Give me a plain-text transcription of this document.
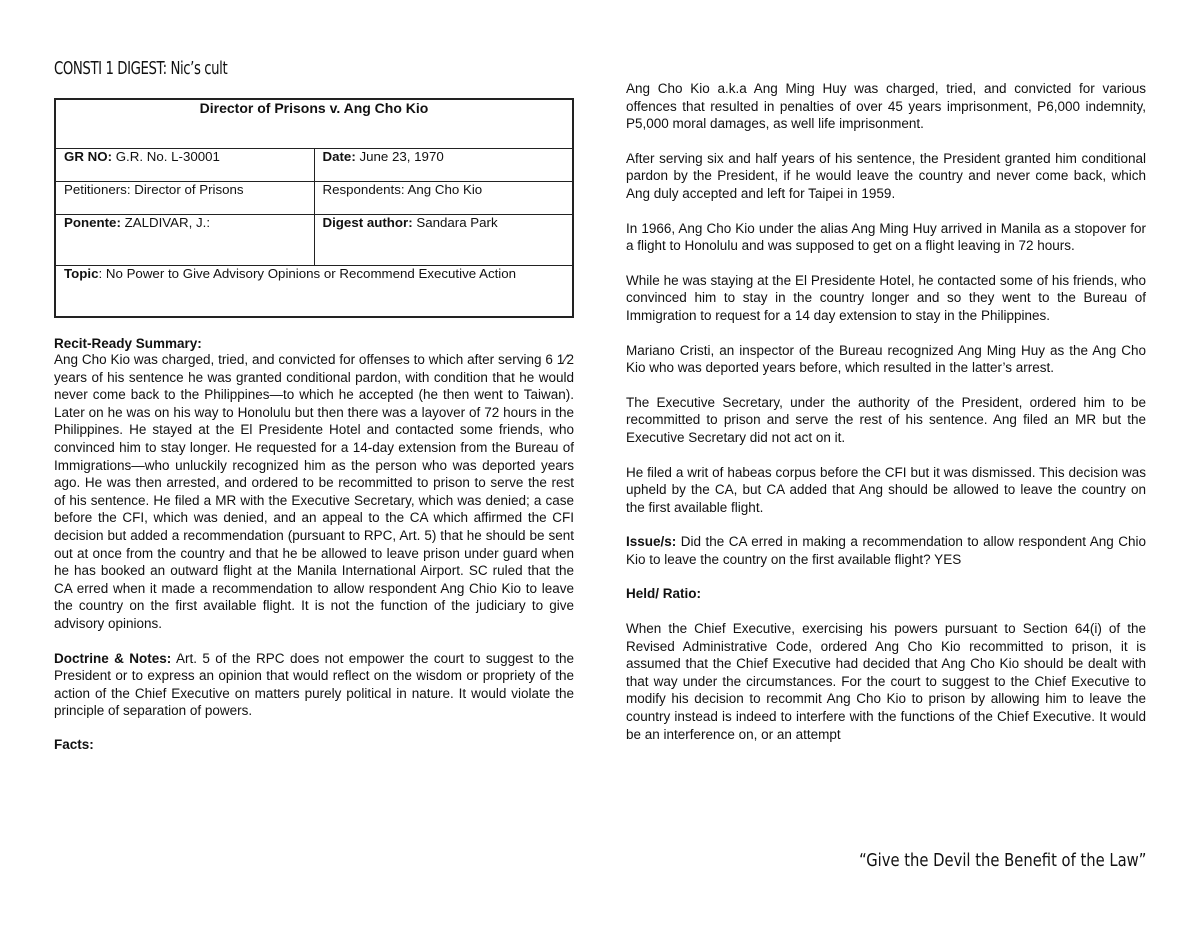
CONSTI 1 DIGEST: Nic’s cult
Director of Prisons v. Ang Cho Kio	
GR NO: G.R. No. L-30001	Date: June 23, 1970
Petitioners: Director of Prisons	Respondents: Ang Cho Kio
Ponente: ZALDIVAR, J.:	Digest author: Sandara Park
Topic: No Power to Give Advisory Opinions or Recommend Executive Action	

Recit-Ready Summary:

Ang Cho Kio was charged, tried, and convicted for offenses to which after serving 6 1⁄2 years of his sentence he was granted conditional pardon, with condition that he would never come back to the Philippines—to which he accepted (he then went to Taiwan). Later on he was on his way to Honolulu but then there was a layover of 72 hours in the Philippines. He stayed at the El Presidente Hotel and contacted some friends, who convinced him to stay longer. He requested for a 14-day extension from the Bureau of Immigrations—who unluckily recognized him as the person who was deported years ago. He was then arrested, and ordered to be recommitted to prison to serve the rest of his sentence. He filed a MR with the Executive Secretary, which was denied; a case before the CFI, which was denied, and an appeal to the CA which affirmed the CFI decision but added a recommendation (pursuant to RPC, Art. 5) that he should be sent out at once from the country and that he be allowed to leave prison under guard when he has booked an outward flight at the Manila International Airport. SC ruled that the CA erred when it made a recommendation to allow respondent Ang Chio Kio to leave the country on the first available flight. It is not the function of the judiciary to give advisory opinions.

Doctrine & Notes: Art. 5 of the RPC does not empower the court to suggest to the President or to express an opinion that would reflect on the wisdom or propriety of the action of the Chief Executive on matters purely political in nature. It would violate the principle of separation of powers.

Facts:

Ang Cho Kio a.k.a Ang Ming Huy was charged, tried, and convicted for various offences that resulted in penalties of over 45 years imprisonment, P6,000 indemnity, P5,000 moral damages, as well life imprisonment.

After serving six and half years of his sentence, the President granted him conditional pardon by the President, if he would leave the country and never come back, which Ang duly accepted and left for Taipei in 1959.

In 1966, Ang Cho Kio under the alias Ang Ming Huy arrived in Manila as a stopover for a flight to Honolulu and was supposed to get on a flight leaving in 72 hours.

While he was staying at the El Presidente Hotel, he contacted some of his friends, who convinced him to stay in the country longer and so they went to the Bureau of Immigration to request for a 14 day extension to stay in the Philippines.

Mariano Cristi, an inspector of the Bureau recognized Ang Ming Huy as the Ang Cho Kio who was deported years before, which resulted in the latter’s arrest.

The Executive Secretary, under the authority of the President, ordered him to be recommitted to prison and serve the rest of his sentence. Ang filed an MR but the Executive Secretary did not act on it.

He filed a writ of habeas corpus before the CFI but it was dismissed. This decision was upheld by the CA, but CA added that Ang should be allowed to leave the country on the first available flight.

Issue/s: Did the CA erred in making a recommendation to allow respondent Ang Chio Kio to leave the country on the first available flight? YES

Held/ Ratio:

When the Chief Executive, exercising his powers pursuant to Section 64(i) of the Revised Administrative Code, ordered Ang Cho Kio recommitted to prison, it is assumed that the Chief Executive had decided that Ang Cho Kio should be dealt with that way under the circumstances. For the court to suggest to the Chief Executive to modify his decision to recommit Ang Cho Kio to prison by allowing him to leave the country instead is indeed to interfere with the functions of the Chief Executive. It would be an interference on, or an attempt

“Give the Devil the Benefit of the Law”
